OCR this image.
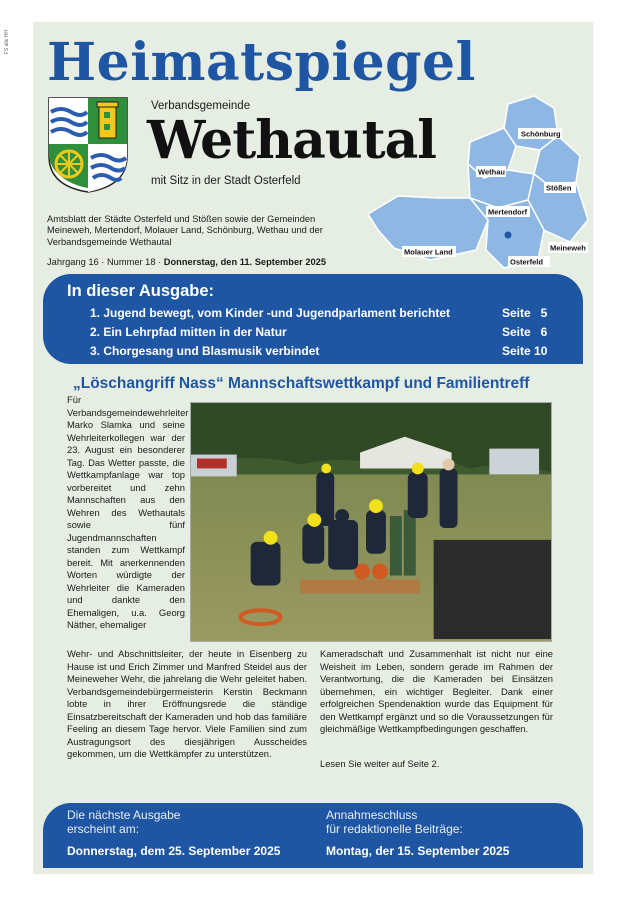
FS alle HH Heimatspiegel
Verbandsgemeinde
Wethautal
mit Sitz in der Stadt Osterfeld
Schönburg
Wethau
Stößen
Mertendorf
Meineweh
Molauer Land
Osterfeld
Amtsblatt der Städte Osterfeld und Stößen sowie der Gemeinden Meineweh, Mertendorf, Molauer Land, Schönburg, Wethau und der Verbandsgemeinde Wethautal
Jahrgang 16 · Nummer 18 · Donnerstag, den 11. September 2025
In dieser Ausgabe:
1. Jugend bewegt, vom Kinder -und Jugendparlament berichtet	Seite   5
2. Ein Lehrpfad mitten in der Natur	Seite   6
3. Chorgesang und Blasmusik verbindet	Seite 10
„Löschangriff Nass“ Mannschaftswettkampf und Familientreff
Für Verbandsgemeindewehrleiter Marko Slamka und seine Wehrleiterkollegen war der 23. August ein besonderer Tag. Das Wetter passte, die Wettkampfanlage war top vorbereitet und zehn Mannschaften aus den Wehren des Wethautals sowie fünf Jugendmannschaften standen zum Wettkampf bereit. Mit anerkennenden Worten würdigte der Wehrleiter die Kameraden und dankte den Ehemaligen, u.a. Georg Näther, ehemaliger
Wehr- und Abschnittsleiter, der heute in Eisenberg zu Hause ist und Erich Zimmer und Manfred Steidel aus der Meineweher Wehr, die jahrelang die Wehr geleitet haben. Verbandsgemeindebürgermeisterin Kerstin Beckmann lobte in ihrer Eröffnungsrede die ständige Einsatzbereitschaft der Kameraden und hob das familiäre Feeling an diesem Tage hervor. Viele Familien sind zum Austragungsort des diesjährigen Ausscheides gekommen, um die Wettkämpfer zu unterstützen.
Kameradschaft und Zusammenhalt ist nicht nur eine Weisheit im Leben, sondern gerade im Rahmen der Verantwortung, die die Kameraden bei Einsätzen übernehmen, ein wichtiger Begleiter. Dank einer erfolgreichen Spendenaktion wurde das Equipment für den Wettkampf ergänzt und so die Voraussetzungen für gleichmäßige Wettkampfbedingungen geschaffen.
Lesen Sie weiter auf Seite 2.
Die nächste Ausgabe
erscheint am:
Donnerstag, dem 25. September 2025
Annahmeschluss
für redaktionelle Beiträge:
Montag, der 15. September 2025
